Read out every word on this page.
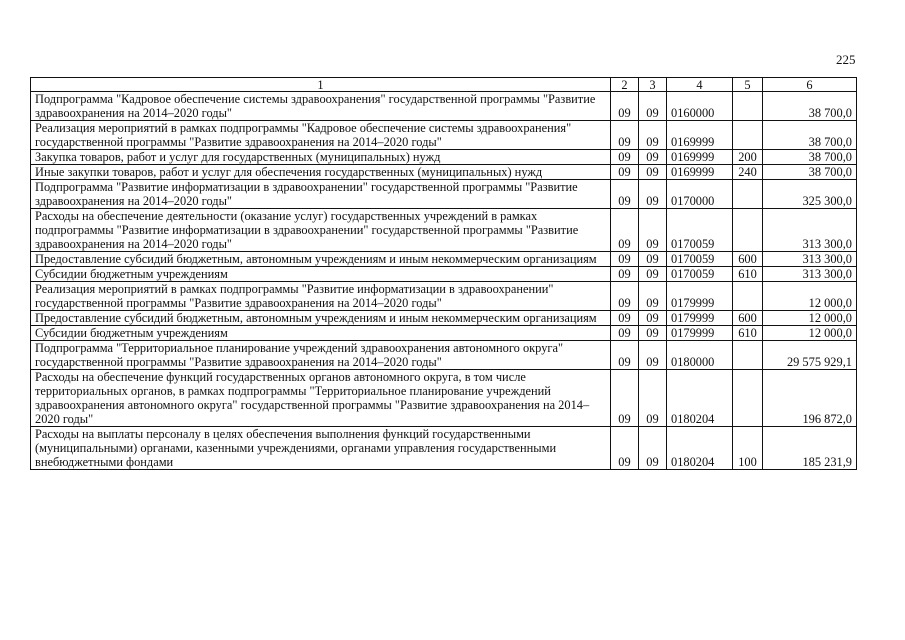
225
1	2	3	4	5	6
Подпрограмма "Кадровое обеспечение системы здравоохранения" государственной программы "Развитие здравоохранения на 2014–2020 годы"	09	09	0160000		38 700,0
Реализация мероприятий в рамках подпрограммы "Кадровое обеспечение системы здравоохранения" государственной программы "Развитие здравоохранения на 2014–2020 годы"	09	09	0169999		38 700,0
Закупка товаров, работ и услуг для государственных (муниципальных) нужд	09	09	0169999	200	38 700,0
Иные закупки товаров, работ и услуг для обеспечения государственных (муниципальных) нужд	09	09	0169999	240	38 700,0
Подпрограмма "Развитие информатизации в здравоохранении" государственной программы "Развитие здравоохранения на 2014–2020 годы"	09	09	0170000		325 300,0
Расходы на обеспечение деятельности (оказание услуг) государственных учреждений в рамках подпрограммы "Развитие информатизации в здравоохранении" государственной программы "Развитие здравоохранения на 2014–2020 годы"	09	09	0170059		313 300,0
Предоставление субсидий бюджетным, автономным учреждениям и иным некоммерческим организациям	09	09	0170059	600	313 300,0
Субсидии бюджетным учреждениям	09	09	0170059	610	313 300,0
Реализация мероприятий в рамках подпрограммы "Развитие информатизации в здравоохранении" государственной программы "Развитие здравоохранения на 2014–2020 годы"	09	09	0179999		12 000,0
Предоставление субсидий бюджетным, автономным учреждениям и иным некоммерческим организациям	09	09	0179999	600	12 000,0
Субсидии бюджетным учреждениям	09	09	0179999	610	12 000,0
Подпрограмма "Территориальное планирование учреждений здравоохранения автономного округа" государственной программы "Развитие здравоохранения на 2014–2020 годы"	09	09	0180000		29 575 929,1
Расходы на обеспечение функций государственных органов автономного округа, в том числе территориальных органов, в рамках подпрограммы "Территориальное планирование учреждений здравоохранения автономного округа" государственной программы "Развитие здравоохранения на 2014–2020 годы"	09	09	0180204		196 872,0
Расходы на выплаты персоналу в целях обеспечения выполнения функций государственными (муниципальными) органами, казенными учреждениями, органами управления государственными внебюджетными фондами	09	09	0180204	100	185 231,9
